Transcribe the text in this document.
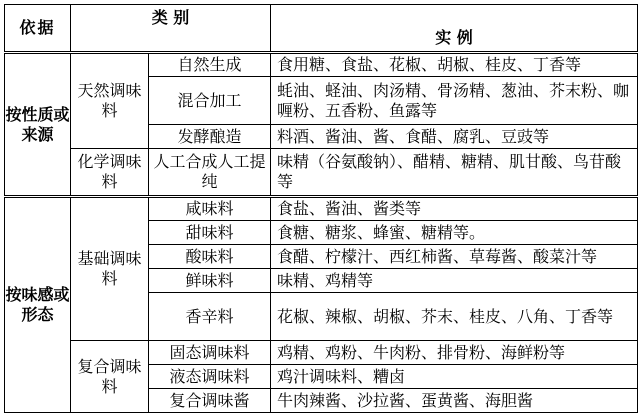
依据	类 别		实 例
按性质或来源	天然调味料	自然生成	食用糖、食盐、花椒、胡椒、桂皮、丁香等
		混合加工	蚝油、蛏油、肉汤精、骨汤精、葱油、芥末粉、咖喱粉、五香粉、鱼露等

		发酵酿造	料酒、酱油、酱、食醋、腐乳、豆豉等
	化学调味料	人工合成人工提纯	味精（谷氨酸钠）、醋精、糖精、肌甘酸、鸟苷酸等

按味感或形态	基础调味料	咸味料	食盐、酱油、酱类等
		甜味料	食糖、糖浆、蜂蜜、糖精等。
		酸味料	食醋、柠檬汁、西红柿酱、草莓酱、酸菜汁等
		鲜味料	味精、鸡精等
		香辛料	花椒、辣椒、胡椒、芥末、桂皮、八角、丁香等

	复合调味料	固态调味料	鸡精、鸡粉、牛肉粉、排骨粉、海鲜粉等
		液态调味料	鸡汁调味料、糟卤
		复合调味酱	牛肉辣酱、沙拉酱、蛋黄酱、海胆酱
